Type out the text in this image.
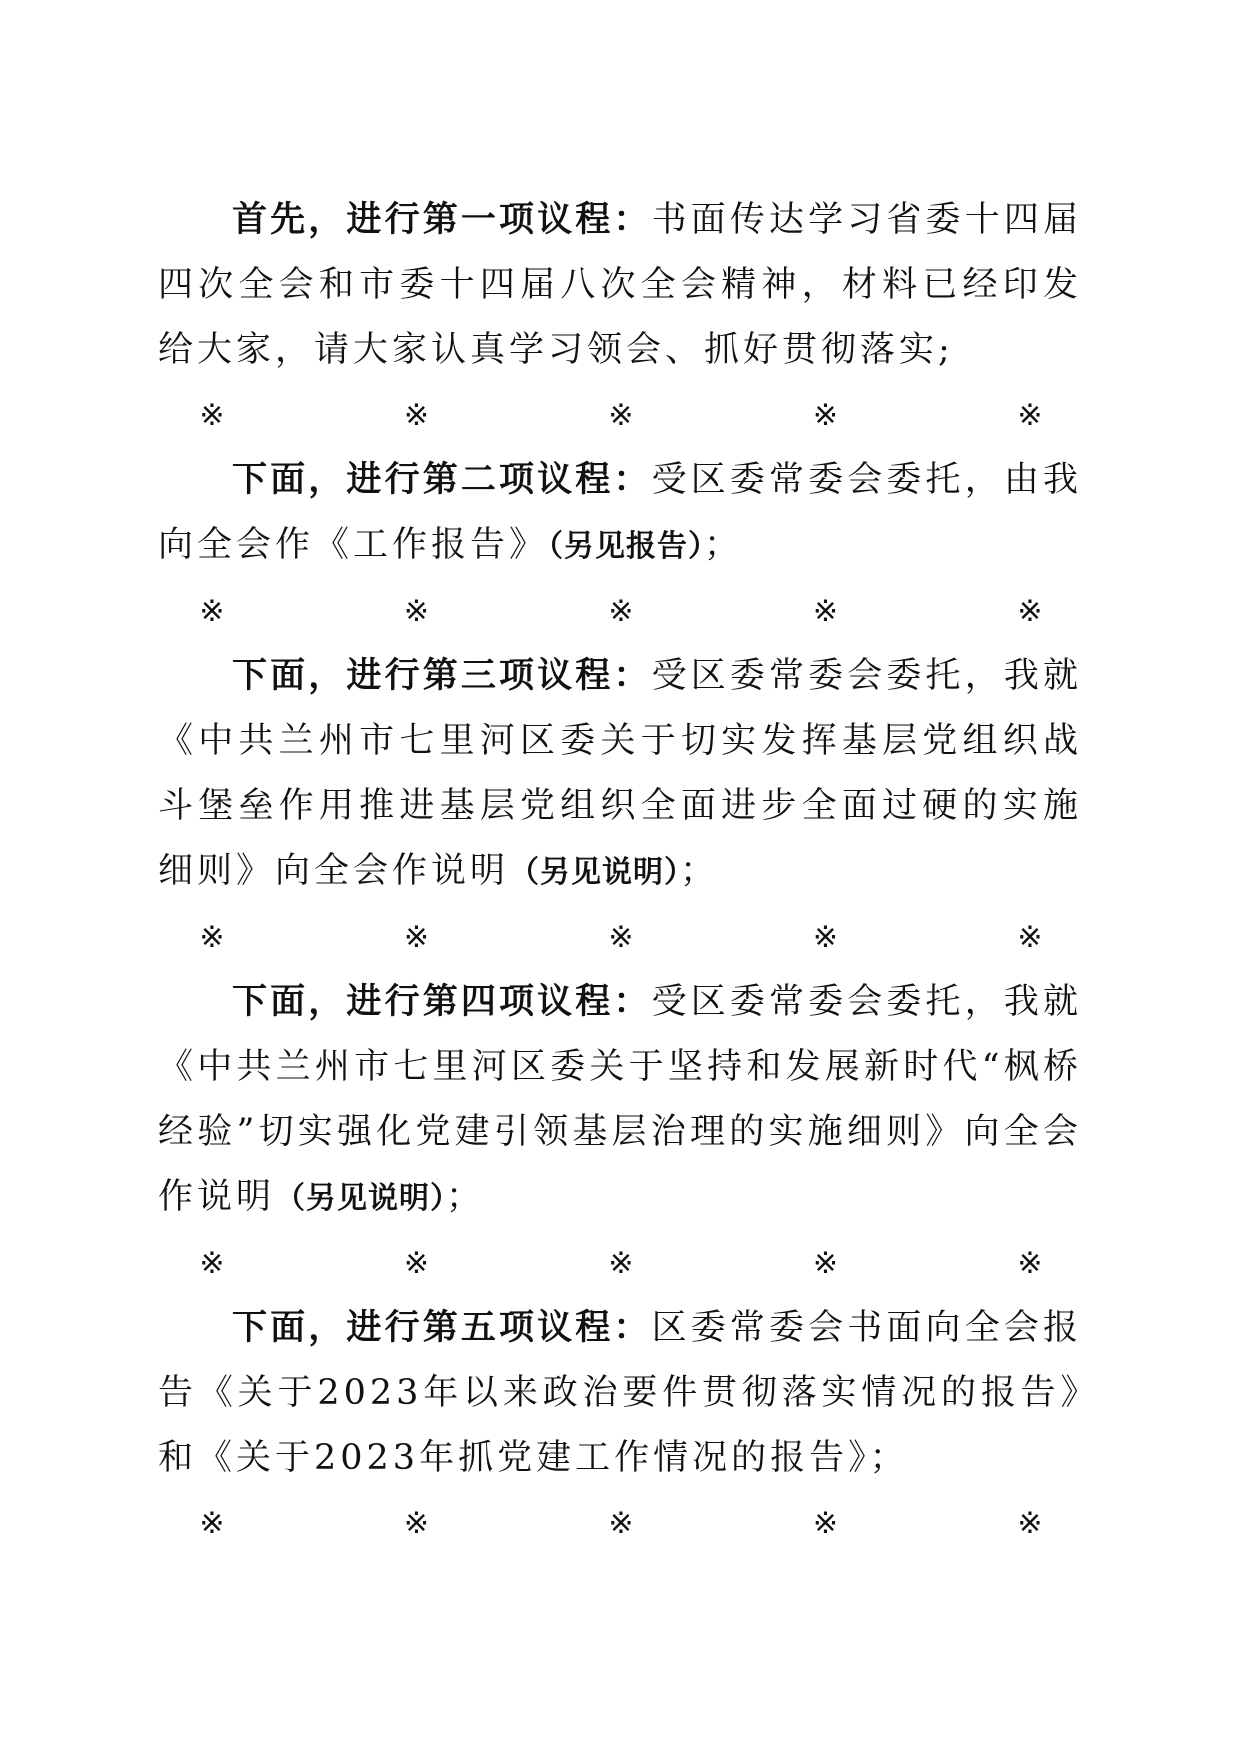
首先，进行第一项议程：书面传达学习省委十四届四次全会和市委十四届八次全会精神，材料已经印发给大家，请大家认真学习领会、抓好贯彻落实;

※	※	※	※	※

下面，进行第二项议程：受区委常委会委托，由我向全会作《工作报告》（另见报告）；

※	※	※	※	※

下面，进行第三项议程：受区委常委会委托，我就《中共兰州市七里河区委关于切实发挥基层党组织战斗堡垒作用推进基层党组织全面进步全面过硬的实施细则》向全会作说明（另见说明）；

※	※	※	※	※

下面，进行第四项议程：受区委常委会委托，我就《中共兰州市七里河区委关于坚持和发展新时代“枫桥经验”切实强化党建引领基层治理的实施细则》向全会作说明（另见说明）；

※	※	※	※	※

下面，进行第五项议程：区委常委会书面向全会报告《关于2023年以来政治要件贯彻落实情况的报告》和《关于2023年抓党建工作情况的报告》；

※	※	※	※	※
